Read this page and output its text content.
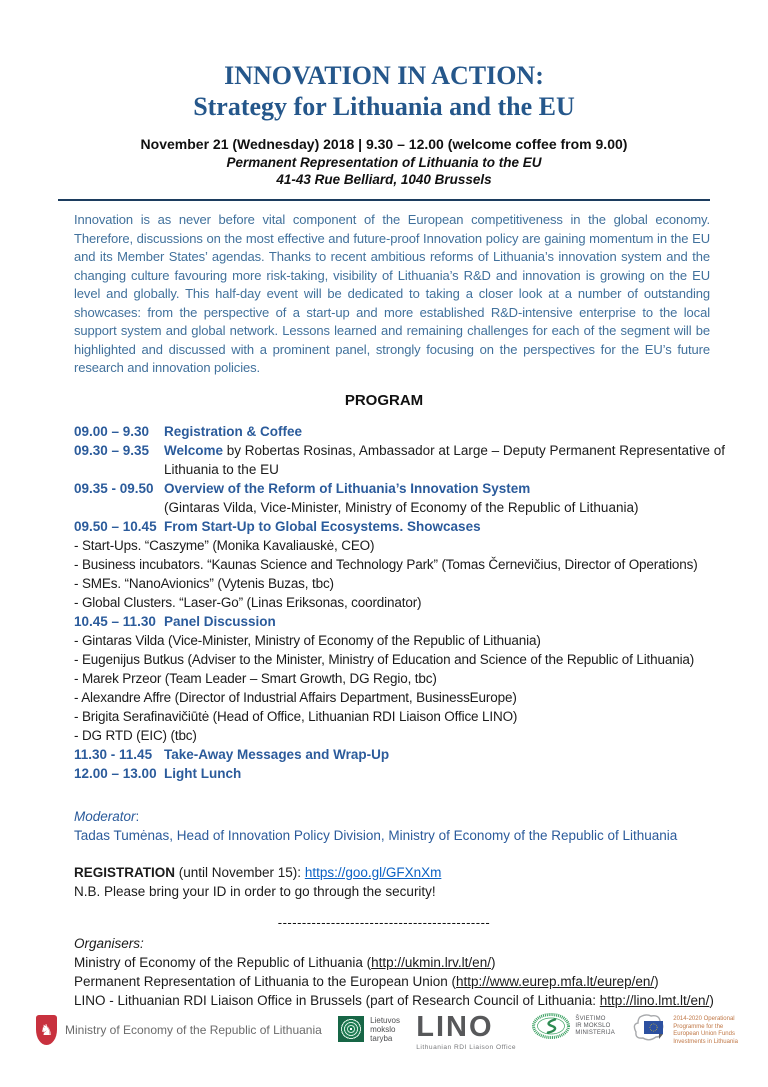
INNOVATION IN ACTION:
Strategy for Lithuania and the EU
November 21 (Wednesday) 2018 | 9.30 – 12.00 (welcome coffee from 9.00)
Permanent Representation of Lithuania to the EU
41-43 Rue Belliard, 1040 Brussels
Innovation is as never before vital component of the European competitiveness in the global economy. Therefore, discussions on the most effective and future-proof Innovation policy are gaining momentum in the EU and its Member States’ agendas. Thanks to recent ambitious reforms of Lithuania’s innovation system and the changing culture favouring more risk-taking, visibility of Lithuania’s R&D and innovation is growing on the EU level and globally. This half-day event will be dedicated to taking a closer look at a number of outstanding showcases: from the perspective of a start-up and more established R&D-intensive enterprise to the local support system and global network. Lessons learned and remaining challenges for each of the segment will be highlighted and discussed with a prominent panel, strongly focusing on the perspectives for the EU’s future research and innovation policies.
PROGRAM
09.00 – 9.30 Registration & Coffee
09.30 – 9.35 Welcome by Robertas Rosinas, Ambassador at Large – Deputy Permanent Representative of Lithuania to the EU
09.35 - 09.50 Overview of the Reform of Lithuania’s Innovation System
(Gintaras Vilda, Vice-Minister, Ministry of Economy of the Republic of Lithuania)
09.50 – 10.45 From Start-Up to Global Ecosystems. Showcases
- Start-Ups. “Caszyme” (Monika Kavaliauskė, CEO)
- Business incubators. “Kaunas Science and Technology Park” (Tomas Černevičius, Director of Operations)
- SMEs. “NanoAvionics” (Vytenis Buzas, tbc)
- Global Clusters. “Laser-Go” (Linas Eriksonas, coordinator)
10.45 – 11.30 Panel Discussion
- Gintaras Vilda (Vice-Minister, Ministry of Economy of the Republic of Lithuania)
- Eugenijus Butkus (Adviser to the Minister, Ministry of Education and Science of the Republic of Lithuania)
- Marek Przeor (Team Leader – Smart Growth, DG Regio, tbc)
- Alexandre Affre (Director of Industrial Affairs Department, BusinessEurope)
- Brigita Serafinavičiūtė (Head of Office, Lithuanian RDI Liaison Office LINO)
- DG RTD (EIC) (tbc)
11.30 - 11.45 Take-Away Messages and Wrap-Up
12.00 – 13.00 Light Lunch
Moderator:
Tadas Tumėnas, Head of Innovation Policy Division, Ministry of Economy of the Republic of Lithuania
REGISTRATION (until November 15): https://goo.gl/GFXnXm
N.B. Please bring your ID in order to go through the security!
--------------------------------------------
Organisers:
Ministry of Economy of the Republic of Lithuania (http://ukmin.lrv.lt/en/)
Permanent Representation of Lithuania to the European Union (http://www.eurep.mfa.lt/eurep/en/)
LINO - Lithuanian RDI Liaison Office in Brussels (part of Research Council of Lithuania: http://lino.lmt.lt/en/)
♞ Ministry of Economy of the Republic of Lithuania
Lietuvos
mokslo
taryba LINO
Lithuanian RDI Liaison Office
ŠVIETIMO
IR MOKSLO
MINISTERIJA
2014-2020 Operational
Programme for the
European Union Funds
Investments in Lithuania
